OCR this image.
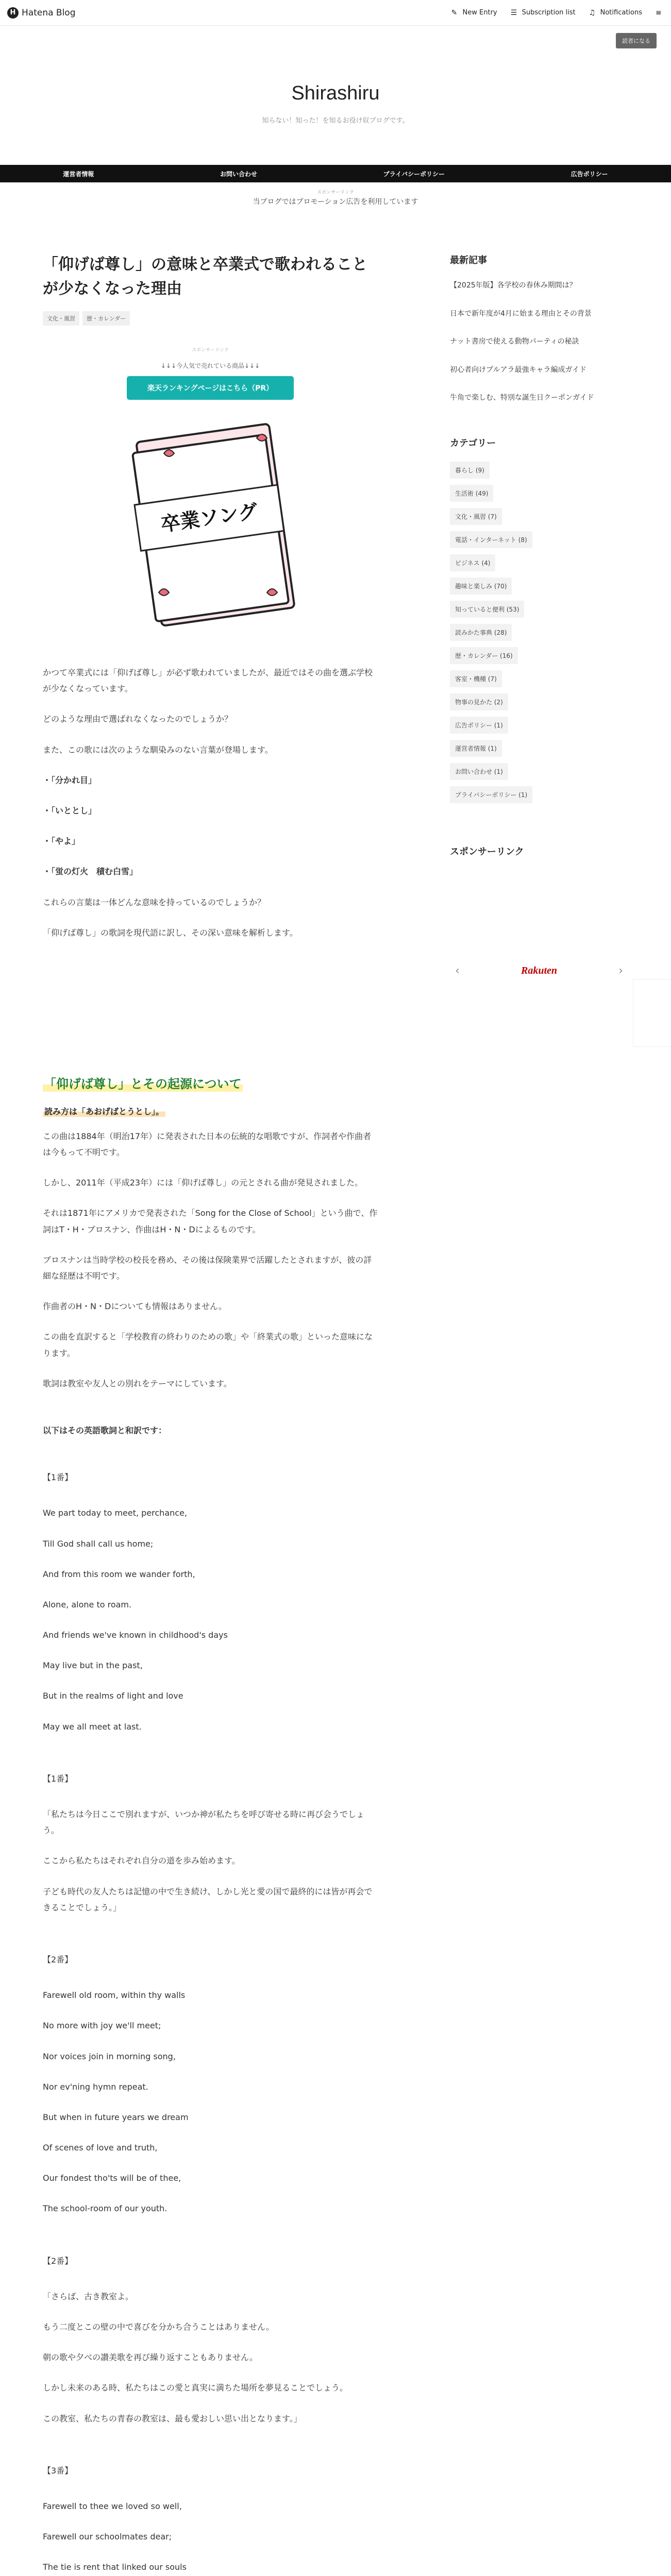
H Hatena Blog	✎ New Entry ☰ Subscription list ♫ Notifications ≡
読者になる
Shirashiru
知らない！知った！を知るお役け収ブログです。
運営者情報	お問い合わせ	プライバシーポリシー	広告ポリシー
スポンサーリンク
当ブログではプロモーション広告を利用しています
「仰げば尊し」の意味と卒業式で歌われることが少なくなった理由
文化・風習	歴・カレンダー
スポンサーリンク
↓↓↓今人気で売れている商品↓↓↓
楽天ランキングページはこちら（PR）
卒業ソング

かつて卒業式には「仰げば尊し」が必ず歌われていましたが、最近ではその曲を選ぶ学校が少なくなっています。

どのような理由で選ばれなくなったのでしょうか？

また、この歌には次のような馴染みのない言葉が登場します。

・「分かれ目」

・「いととし」

・「やよ」

・「蛍の灯火　積む白雪」

これらの言葉は一体どんな意味を持っているのでしょうか？

「仰げば尊し」の歌詞を現代語に訳し、その深い意味を解析します。

「仰げば尊し」とその起源について
読み方は「あおげばとうとし」。

この曲は1884年（明治17年）に発表された日本の伝統的な唱歌ですが、作詞者や作曲者は今もって不明です。

しかし、2011年（平成23年）には「仰げば尊し」の元とされる曲が発見されました。

それは1871年にアメリカで発表された「Song for the Close of School」という曲で、作詞はT・H・ブロスナン、作曲はH・N・Dによるものです。

ブロスナンは当時学校の校長を務め、その後は保険業界で活躍したとされますが、彼の詳細な経歴は不明です。

作曲者のH・N・Dについても情報はありません。

この曲を直訳すると「学校教育の終わりのための歌」や「終業式の歌」といった意味になります。

歌詞は教室や友人との別れをテーマにしています。

以下はその英語歌詞と和訳です：

【1番】

We part today to meet, perchance,

Till God shall call us home;

And from this room we wander forth,

Alone, alone to roam.

And friends we've known in childhood's days

May live but in the past,

But in the realms of light and love

May we all meet at last.

【1番】

「私たちは今日ここで別れますが、いつか神が私たちを呼び寄せる時に再び会うでしょう。

ここから私たちはそれぞれ自分の道を歩み始めます。

子ども時代の友人たちは記憶の中で生き続け、しかし光と愛の国で最終的には皆が再会できることでしょう。」

【2番】

Farewell old room, within thy walls

No more with joy we'll meet;

Nor voices join in morning song,

Nor ev'ning hymn repeat.

But when in future years we dream

Of scenes of love and truth,

Our fondest tho'ts will be of thee,

The school-room of our youth.

【2番】

「さらば、古き教室よ。

もう二度とこの壁の中で喜びを分かち合うことはありません。

朝の歌や夕べの讃美歌を再び繰り返すこともありません。

しかし未来のある時、私たちはこの愛と真実に満ちた場所を夢見ることでしょう。

この教室、私たちの青春の教室は、最も愛おしい思い出となります。」

【3番】

Farewell to thee we loved so well,

Farewell our schoolmates dear;

The tie is rent that linked our souls

最新記事
【2025年版】各学校の春休み期間は？
日本で新年度が4月に始まる理由とその背景
ナット書房で使える動物パーティの秘訣
初心者向けプルアラ最強キャラ編成ガイド
牛角で楽しむ、特別な誕生日クーポンガイド
カテゴリー
暮らし (9)
生活術 (49)
文化・風習 (7)
電話・インターネット (8)
ビジネス (4)
趣味と楽しみ (70)
知っていると便利 (53)
読みかた事典 (28)
歴・カレンダー (16)
客室・機種 (7)
物事の見かた (2)
広告ポリシー (1)
運営者情報 (1)
お問い合わせ (1)
プライバシーポリシー (1)
スポンサーリンク
‹	Rakuten	›
